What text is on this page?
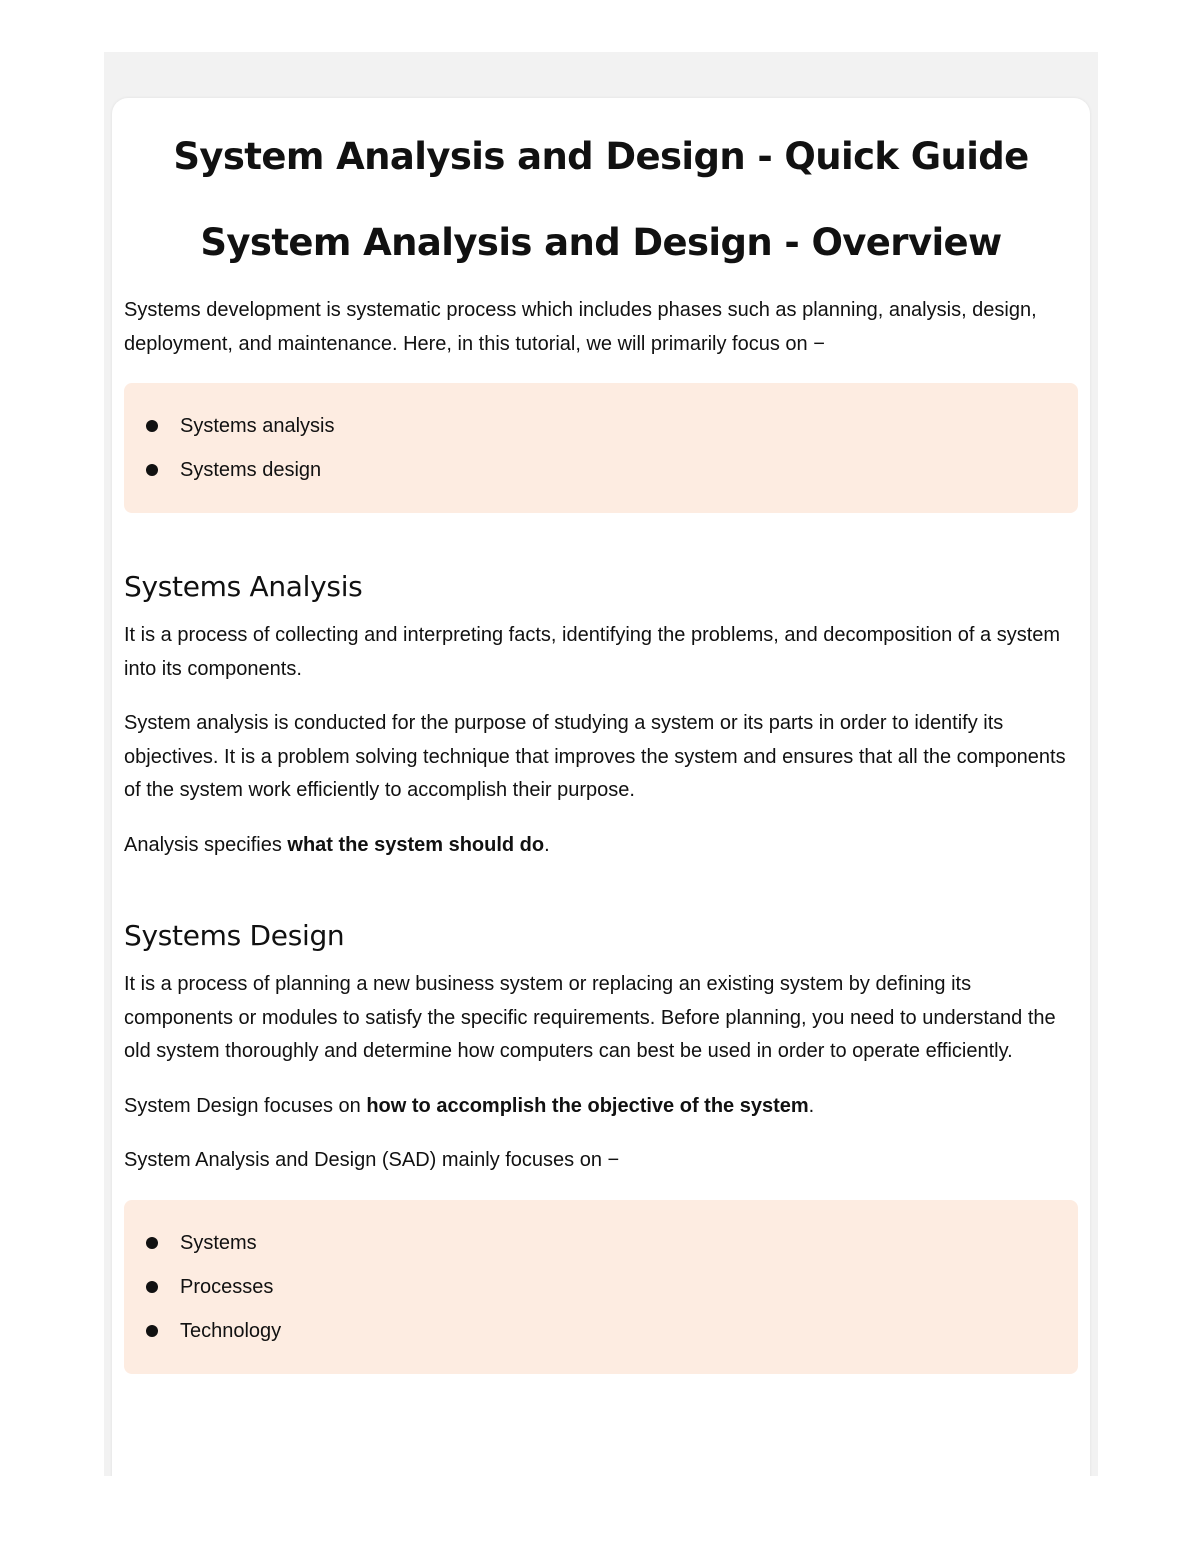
System Analysis and Design - Quick Guide
System Analysis and Design - Overview

Systems development is systematic process which includes phases such as planning, analysis, design, deployment, and maintenance. Here, in this tutorial, we will primarily focus on −

Systems analysis
Systems design
Systems Analysis

It is a process of collecting and interpreting facts, identifying the problems, and decomposition of a system into its components.

System analysis is conducted for the purpose of studying a system or its parts in order to identify its objectives. It is a problem solving technique that improves the system and ensures that all the components of the system work efficiently to accomplish their purpose.

Analysis specifies what the system should do.

Systems Design

It is a process of planning a new business system or replacing an existing system by defining its components or modules to satisfy the specific requirements. Before planning, you need to understand the old system thoroughly and determine how computers can best be used in order to operate efficiently.

System Design focuses on how to accomplish the objective of the system.

System Analysis and Design (SAD) mainly focuses on −

Systems
Processes
Technology
